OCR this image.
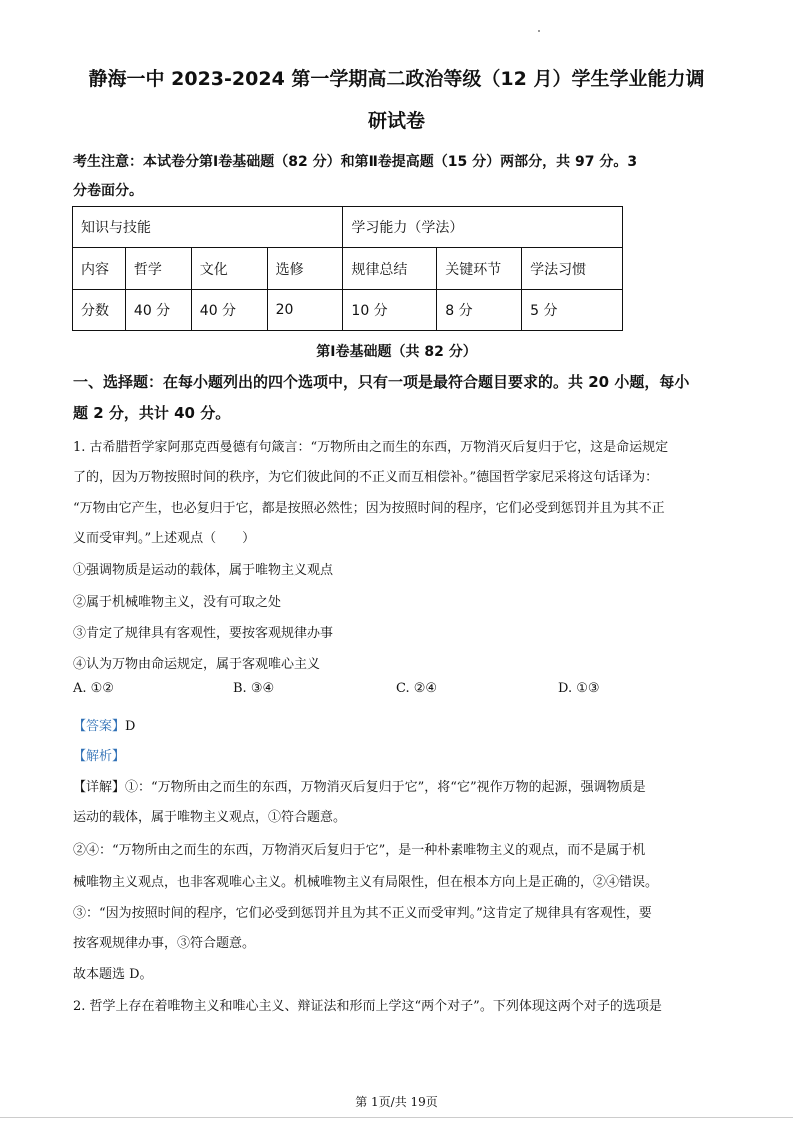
静海一中 2023-2024 第一学期高二政治等级（12 月）学生学业能力调
研试卷
考生注意：本试卷分第Ⅰ卷基础题（82 分）和第Ⅱ卷提高题（15 分）两部分，共 97 分。3
分卷面分。
知识与技能				学习能力（学法）		
内容	哲学	文化	选修	规律总结	关键环节	学法习惯
分数	40 分	40 分	20	10 分	8 分	5 分
第Ⅰ卷基础题（共 82 分）
一、选择题：在每小题列出的四个选项中，只有一项是最符合题目要求的。共 20 小题，每小
题 2 分，共计 40 分。
1. 古希腊哲学家阿那克西曼德有句箴言：“万物所由之而生的东西，万物消灭后复归于它，这是命运规定
了的，因为万物按照时间的秩序，为它们彼此间的不正义而互相偿补。”德国哲学家尼采将这句话译为：
“万物由它产生，也必复归于它，都是按照必然性；因为按照时间的程序，它们必受到惩罚并且为其不正
义而受审判。”上述观点（　　）
①强调物质是运动的载体，属于唯物主义观点
②属于机械唯物主义，没有可取之处
③肯定了规律具有客观性，要按客观规律办事
④认为万物由命运规定，属于客观唯心主义
A. ①②	B. ③④	C. ②④	D. ①③
【答案】D
【解析】
【详解】①：“万物所由之而生的东西，万物消灭后复归于它”，将“它”视作万物的起源，强调物质是
运动的载体，属于唯物主义观点，①符合题意。
②④：“万物所由之而生的东西，万物消灭后复归于它”，是一种朴素唯物主义的观点，而不是属于机
械唯物主义观点，也非客观唯心主义。机械唯物主义有局限性，但在根本方向上是正确的，②④错误。
③：“因为按照时间的程序，它们必受到惩罚并且为其不正义而受审判。”这肯定了规律具有客观性，要
按客观规律办事，③符合题意。
故本题选 D。
2. 哲学上存在着唯物主义和唯心主义、辩证法和形而上学这“两个对子”。下列体现这两个对子的选项是
第 1页/共 19页
